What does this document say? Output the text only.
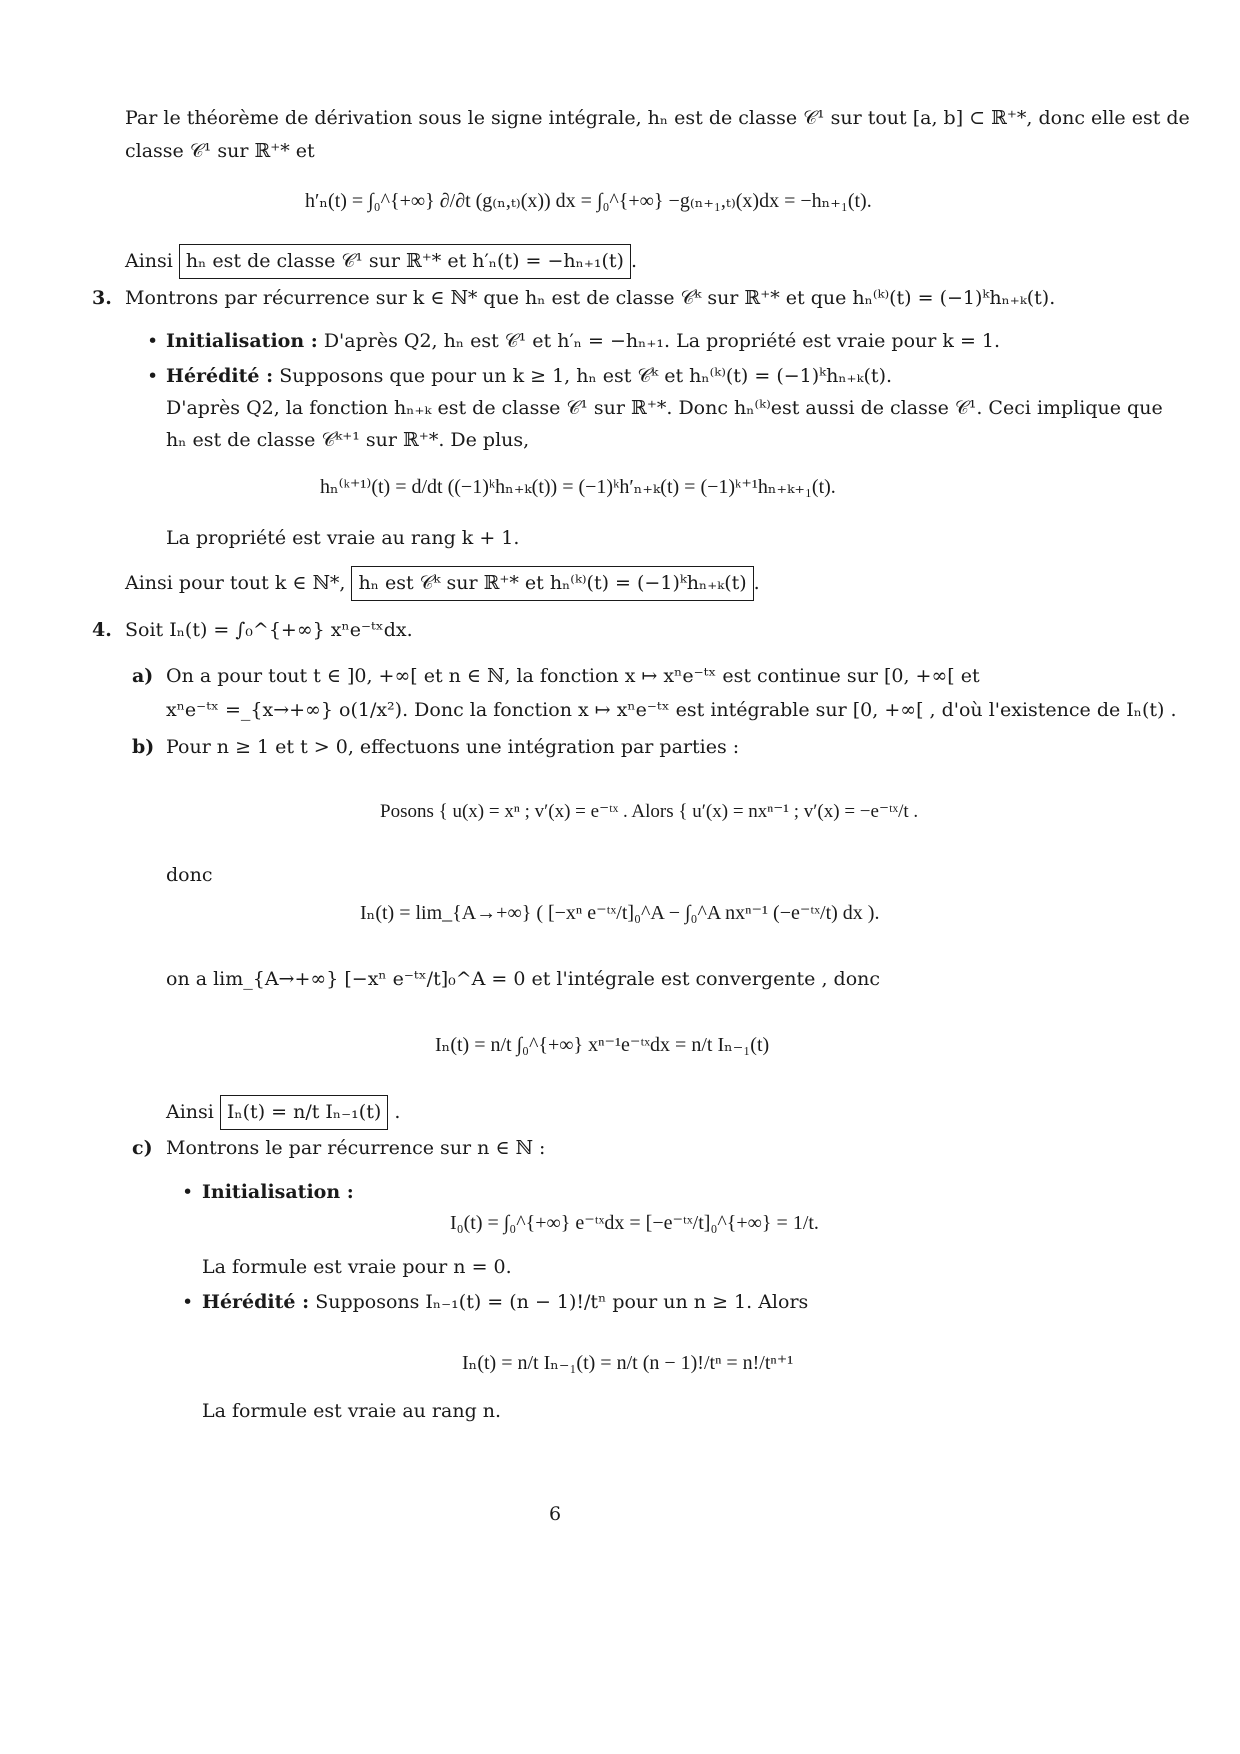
Par le théorème de dérivation sous le signe intégrale, hₙ est de classe 𝒞¹ sur tout [a, b] ⊂ ℝ⁺*, donc elle est de
classe 𝒞¹ sur ℝ⁺* et
h′ₙ(t) = ∫₀^{+∞} ∂/∂t (g₍ₙ,ₜ₎(x)) dx = ∫₀^{+∞} −g₍ₙ₊₁,ₜ₎(x)dx = −hₙ₊₁(t).
Ainsi hₙ est de classe 𝒞¹ sur ℝ⁺* et h′ₙ(t) = −hₙ₊₁(t) .
3. Montrons par récurrence sur k ∈ ℕ* que hₙ est de classe 𝒞ᵏ sur ℝ⁺* et que hₙ⁽ᵏ⁾(t) = (−1)ᵏhₙ₊ₖ(t).
• Initialisation : D'après Q2, hₙ est 𝒞¹ et h′ₙ = −hₙ₊₁. La propriété est vraie pour k = 1.
• Hérédité : Supposons que pour un k ≥ 1, hₙ est 𝒞ᵏ et hₙ⁽ᵏ⁾(t) = (−1)ᵏhₙ₊ₖ(t).
D'après Q2, la fonction hₙ₊ₖ est de classe 𝒞¹ sur ℝ⁺*. Donc hₙ⁽ᵏ⁾est aussi de classe 𝒞¹. Ceci implique que
hₙ est de classe 𝒞ᵏ⁺¹ sur ℝ⁺*. De plus,
hₙ⁽ᵏ⁺¹⁾(t) = d/dt ((−1)ᵏhₙ₊ₖ(t)) = (−1)ᵏh′ₙ₊ₖ(t) = (−1)ᵏ⁺¹hₙ₊ₖ₊₁(t).
La propriété est vraie au rang k + 1.
Ainsi pour tout k ∈ ℕ*, hₙ est 𝒞ᵏ sur ℝ⁺* et hₙ⁽ᵏ⁾(t) = (−1)ᵏhₙ₊ₖ(t) .
4. Soit Iₙ(t) = ∫₀^{+∞} xⁿe⁻ᵗˣdx.
a) On a pour tout t ∈ ]0, +∞[ et n ∈ ℕ, la fonction x ↦ xⁿe⁻ᵗˣ est continue sur [0, +∞[ et
xⁿe⁻ᵗˣ =_{x→+∞} o(1/x²). Donc la fonction x ↦ xⁿe⁻ᵗˣ est intégrable sur [0, +∞[ , d'où l'existence de Iₙ(t) .
b) Pour n ≥ 1 et t > 0, effectuons une intégration par parties :
Posons { u(x) = xⁿ ; v′(x) = e⁻ᵗˣ . Alors { u′(x) = nxⁿ⁻¹ ; v′(x) = −e⁻ᵗˣ/t .
donc
Iₙ(t) = lim_{A→+∞} ( [−xⁿ e⁻ᵗˣ/t]₀^A − ∫₀^A nxⁿ⁻¹ (−e⁻ᵗˣ/t) dx ).
on a lim_{A→+∞} [−xⁿ e⁻ᵗˣ/t]₀^A = 0 et l'intégrale est convergente , donc
Iₙ(t) = n/t ∫₀^{+∞} xⁿ⁻¹e⁻ᵗˣdx = n/t Iₙ₋₁(t)
Ainsi Iₙ(t) = n/t Iₙ₋₁(t) .
c) Montrons le par récurrence sur n ∈ ℕ :
• Initialisation :
I₀(t) = ∫₀^{+∞} e⁻ᵗˣdx = [−e⁻ᵗˣ/t]₀^{+∞} = 1/t.
La formule est vraie pour n = 0.
• Hérédité : Supposons Iₙ₋₁(t) = (n − 1)!/tⁿ pour un n ≥ 1. Alors
Iₙ(t) = n/t Iₙ₋₁(t) = n/t (n − 1)!/tⁿ = n!/tⁿ⁺¹
La formule est vraie au rang n.
6
